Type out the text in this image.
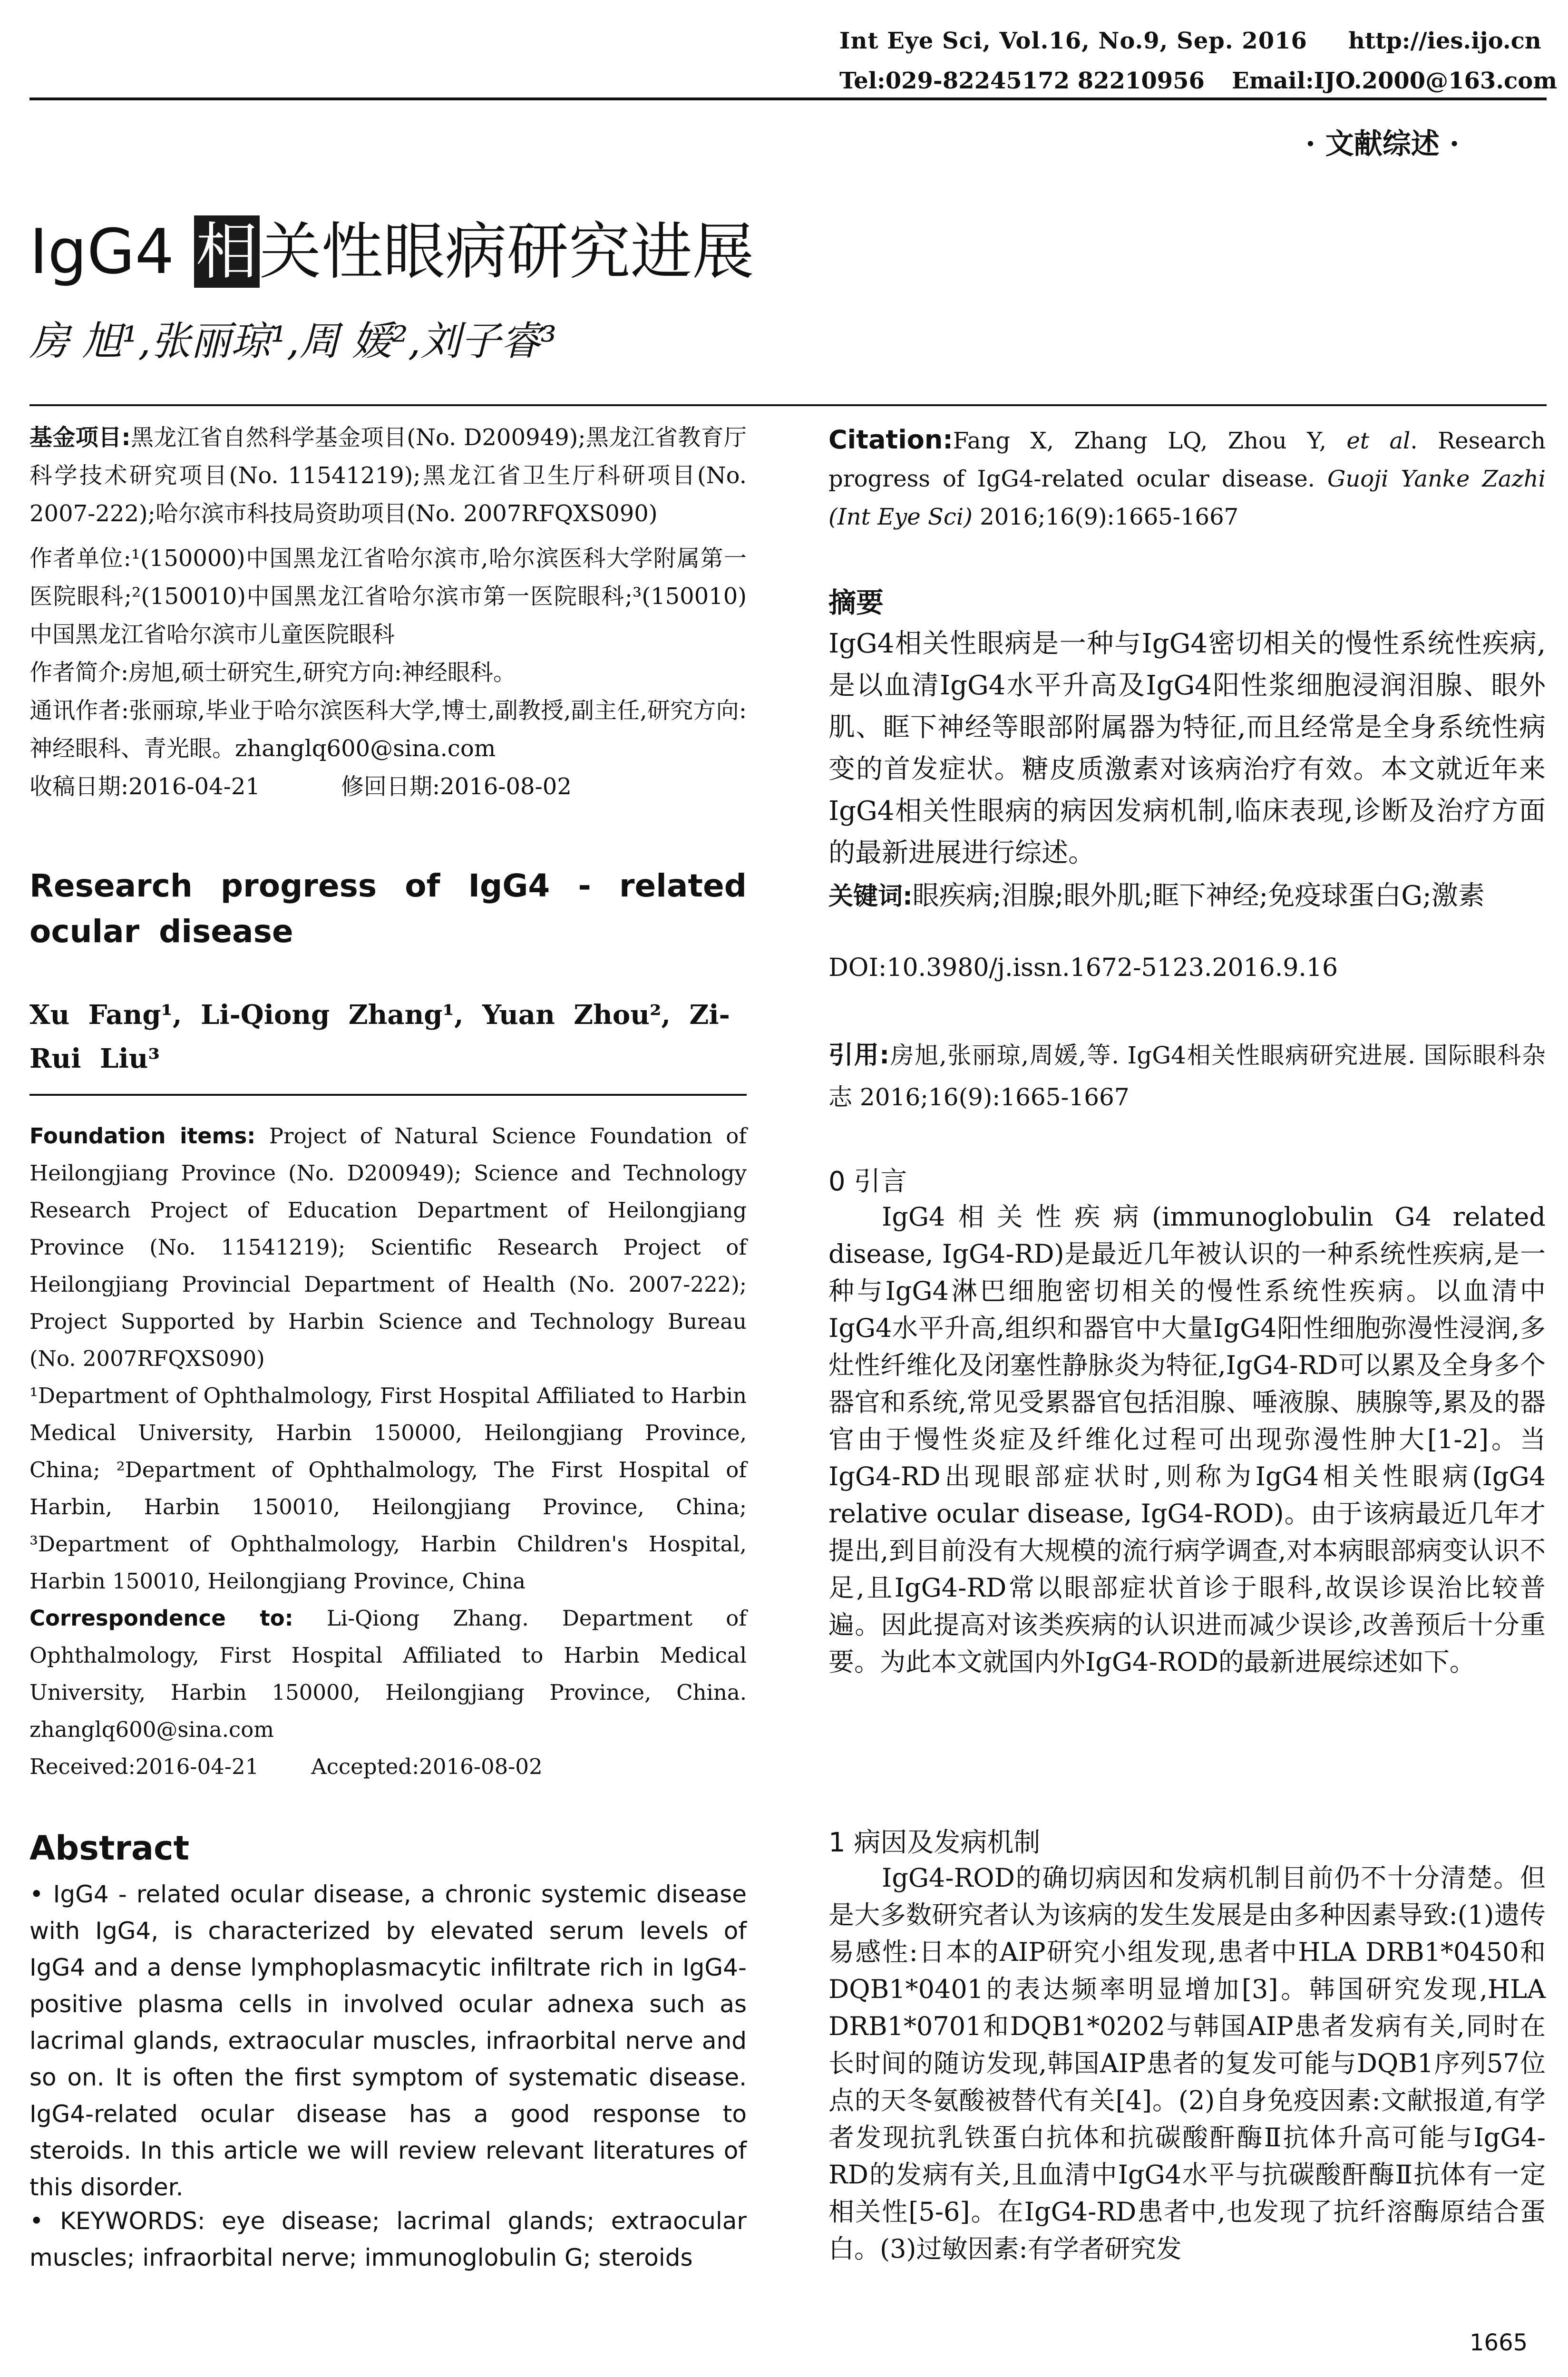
Int Eye Sci, Vol.16, No.9, Sep. 2016 http://ies.ijo.cn
Tel:029-82245172 82210956 Email:IJO.2000@163.com
· 文献综述 ·
IgG4 相关性眼病研究进展
房 旭¹,张丽琼¹,周 媛²,刘子睿³
基金项目:黑龙江省自然科学基金项目(No. D200949);黑龙江省教育厅科学技术研究项目(No. 11541219);黑龙江省卫生厅科研项目(No. 2007-222);哈尔滨市科技局资助项目(No. 2007RFQXS090)
作者单位:¹(150000)中国黑龙江省哈尔滨市,哈尔滨医科大学附属第一医院眼科;²(150010)中国黑龙江省哈尔滨市第一医院眼科;³(150010)中国黑龙江省哈尔滨市儿童医院眼科
作者简介:房旭,硕士研究生,研究方向:神经眼科。
通讯作者:张丽琼,毕业于哈尔滨医科大学,博士,副教授,副主任,研究方向:神经眼科、青光眼。zhanglq600@sina.com
收稿日期:2016-04-21	修回日期:2016-08-02
Research progress of IgG4 - related ocular disease
Xu Fang¹, Li-Qiong Zhang¹, Yuan Zhou², Zi-Rui Liu³
Foundation items: Project of Natural Science Foundation of Heilongjiang Province (No. D200949); Science and Technology Research Project of Education Department of Heilongjiang Province (No. 11541219); Scientific Research Project of Heilongjiang Provincial Department of Health (No. 2007-222); Project Supported by Harbin Science and Technology Bureau (No. 2007RFQXS090)
¹Department of Ophthalmology, First Hospital Affiliated to Harbin Medical University, Harbin 150000, Heilongjiang Province, China; ²Department of Ophthalmology, The First Hospital of Harbin, Harbin 150010, Heilongjiang Province, China; ³Department of Ophthalmology, Harbin Children's Hospital, Harbin 150010, Heilongjiang Province, China
Correspondence to: Li-Qiong Zhang. Department of Ophthalmology, First Hospital Affiliated to Harbin Medical University, Harbin 150000, Heilongjiang Province, China. zhanglq600@sina.com
Received:2016-04-21 Accepted:2016-08-02
Abstract
• IgG4 - related ocular disease, a chronic systemic disease with IgG4, is characterized by elevated serum levels of IgG4 and a dense lymphoplasmacytic infiltrate rich in IgG4-positive plasma cells in involved ocular adnexa such as lacrimal glands, extraocular muscles, infraorbital nerve and so on. It is often the first symptom of systematic disease. IgG4-related ocular disease has a good response to steroids. In this article we will review relevant literatures of this disorder.
• KEYWORDS: eye disease; lacrimal glands; extraocular muscles; infraorbital nerve; immunoglobulin G; steroids
Citation:Fang X, Zhang LQ, Zhou Y, et al. Research progress of IgG4-related ocular disease. Guoji Yanke Zazhi (Int Eye Sci) 2016;16(9):1665-1667
摘要
IgG4相关性眼病是一种与IgG4密切相关的慢性系统性疾病,是以血清IgG4水平升高及IgG4阳性浆细胞浸润泪腺、眼外肌、眶下神经等眼部附属器为特征,而且经常是全身系统性病变的首发症状。糖皮质激素对该病治疗有效。本文就近年来IgG4相关性眼病的病因发病机制,临床表现,诊断及治疗方面的最新进展进行综述。
关键词:眼疾病;泪腺;眼外肌;眶下神经;免疫球蛋白G;激素
DOI:10.3980/j.issn.1672-5123.2016.9.16
引用:房旭,张丽琼,周媛,等. IgG4相关性眼病研究进展. 国际眼科杂志 2016;16(9):1665-1667
0 引言
IgG4相关性疾病(immunoglobulin G4 related disease, IgG4-RD)是最近几年被认识的一种系统性疾病,是一种与IgG4淋巴细胞密切相关的慢性系统性疾病。以血清中IgG4水平升高,组织和器官中大量IgG4阳性细胞弥漫性浸润,多灶性纤维化及闭塞性静脉炎为特征,IgG4-RD可以累及全身多个器官和系统,常见受累器官包括泪腺、唾液腺、胰腺等,累及的器官由于慢性炎症及纤维化过程可出现弥漫性肿大[1-2]。当IgG4-RD出现眼部症状时,则称为IgG4相关性眼病(IgG4 relative ocular disease, IgG4-ROD)。由于该病最近几年才提出,到目前没有大规模的流行病学调查,对本病眼部病变认识不足,且IgG4-RD常以眼部症状首诊于眼科,故误诊误治比较普遍。因此提高对该类疾病的认识进而减少误诊,改善预后十分重要。为此本文就国内外IgG4-ROD的最新进展综述如下。
1 病因及发病机制
IgG4-ROD的确切病因和发病机制目前仍不十分清楚。但是大多数研究者认为该病的发生发展是由多种因素导致:(1)遗传易感性:日本的AIP研究小组发现,患者中HLA DRB1*0450和DQB1*0401的表达频率明显增加[3]。韩国研究发现,HLA DRB1*0701和DQB1*0202与韩国AIP患者发病有关,同时在长时间的随访发现,韩国AIP患者的复发可能与DQB1序列57位点的天冬氨酸被替代有关[4]。(2)自身免疫因素:文献报道,有学者发现抗乳铁蛋白抗体和抗碳酸酐酶Ⅱ抗体升高可能与IgG4-RD的发病有关,且血清中IgG4水平与抗碳酸酐酶Ⅱ抗体有一定相关性[5-6]。在IgG4-RD患者中,也发现了抗纤溶酶原结合蛋白。(3)过敏因素:有学者研究发
1665
